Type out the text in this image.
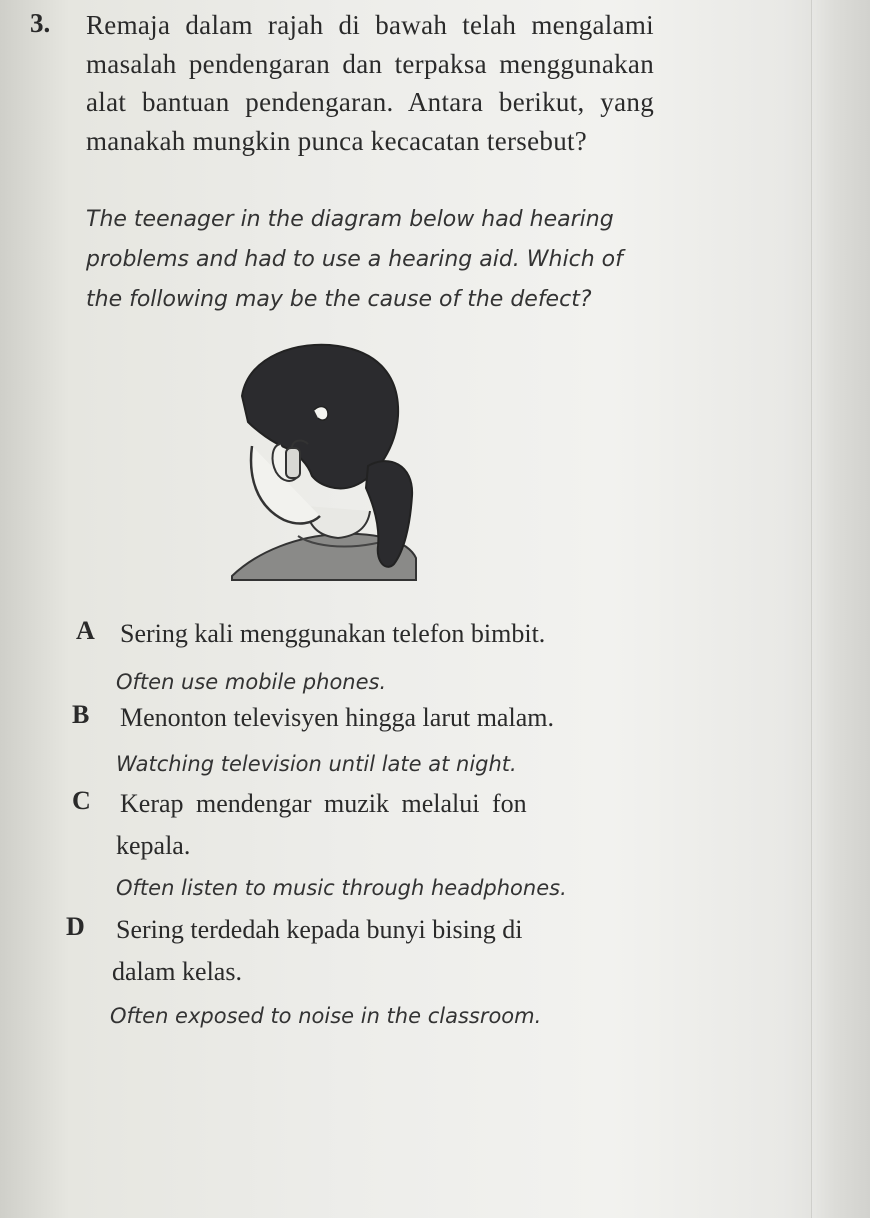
3. Remaja dalam rajah di bawah telah mengalami masalah pendengaran dan terpaksa menggunakan alat bantuan pendengaran. Antara berikut, yang manakah mungkin punca kecacatan tersebut?
The teenager in the diagram below had hearing problems and had to use a hearing aid. Which of the following may be the cause of the defect?
A Sering kali menggunakan telefon bimbit.
Often use mobile phones.
B Menonton televisyen hingga larut malam.
Watching television until late at night.
C Kerap mendengar muzik melalui fon
kepala.
Often listen to music through headphones.
D Sering terdedah kepada bunyi bising di
dalam kelas.
Often exposed to noise in the classroom.
